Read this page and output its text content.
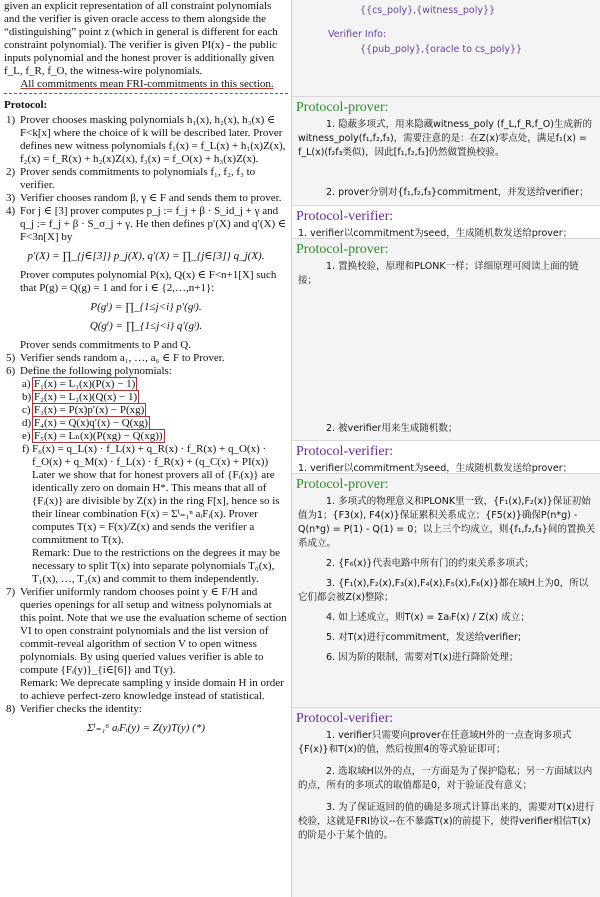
given an explicit representation of all constraint polynomials
and the verifier is given oracle access to them alongside the
“distinguishing” point z (which in general is different for each
constraint polynomial). The verifier is given PI(x) - the public
inputs polynomial and the honest prover is additionally given
f_L, f_R, f_O, the witness-wire polynomials.
All commitments mean FRI-commitments in this section.
Protocol:
1) Prover chooses masking polynomials h₁(x), h₂(x), h₃(x) ∈ F<k[x] where the choice of k will be described later. Prover defines new witness polynomials f₁(x) = f_L(x) + h₁(x)Z(x), f₂(x) = f_R(x) + h₂(x)Z(x), f₃(x) = f_O(x) + h₃(x)Z(x).
2) Prover sends commitments to polynomials f₁, f₂, f₃ to verifier.
3) Verifier chooses random β, γ ∈ F and sends them to prover.
4) For j ∈ [3] prover computes p_j := f_j + β · S_id_j + γ and q_j := f_j + β · S_σ_j + γ. He then defines p′(X) and q′(X) ∈ F<3n[X] by
p′(X) = ∏_{j∈[3]} p_j(X), q′(X) = ∏_{j∈[3]} q_j(X).
Prover computes polynomial P(x), Q(x) ∈ F<n+1[X] such that P(g) = Q(g) = 1 and for i ∈ {2,…,n+1}:
P(gⁱ) = ∏_{1≤j<i} p′(gʲ).
Q(gⁱ) = ∏_{1≤j<i} q′(gʲ).
Prover sends commitments to P and Q.
5) Verifier sends random a₁, …, a₆ ∈ F to Prover.
6) Define the following polynomials:
a) F₁(x) = L₁(x)(P(x) − 1)
b) F₂(x) = L₁(x)(Q(x) − 1)
c) F₃(x) = P(x)p′(x) − P(xg)
d) F₄(x) = Q(x)q′(x) − Q(xg)
e) F₅(x) = Lₙ(x)(P(xg) − Q(xg))
f) F₆(x) = q_L(x) · f_L(x) + q_R(x) · f_R(x) + q_O(x) · f_O(x) + q_M(x) · f_L(x) · f_R(x) + (q_C(x) + PI(x))
Later we show that for honest provers all of {Fᵢ(x)} are identically zero on domain H*. This means that all of {Fᵢ(x)} are divisible by Z(x) in the ring F[x], hence so is their linear combination F(x) = Σⁱ₌₁ⁿ aᵢFᵢ(x). Prover computes T(x) = F(x)/Z(x) and sends the verifier a commitment to T(x).
Remark: Due to the restrictions on the degrees it may be necessary to split T(x) into separate polynomials T₀(x), T₁(x), …, T₃(x) and commit to them independently.
7) Verifier uniformly random chooses point y ∈ F/H and queries openings for all setup and witness polynomials at this point. Note that we use the evaluation scheme of section VI to open constraint polynomials and the list version of commit-reveal algorithm of section V to open witness polynomials. By using queried values verifier is able to compute {Fᵢ(y)}_{i∈[6]} and T(y).
Remark: We deprecate sampling y inside domain H in order to achieve perfect-zero knowledge instead of statistical.
8) Verifier checks the identity:
Σⁱ₌₁⁶ aᵢFᵢ(y) = Z(y)T(y) (*)
{{cs_poly},{witness_poly}}
Verifier Info:
{{pub_poly},{oracle to cs_poly}}
Protocol-prover:
1. 隐蔽多项式，用来隐藏witness_poly (f_L,f_R,f_O)生成新的witness_poly(f₁,f₂,f₃)，需要注意的是：在Z(x)零点处，满足f₁(x) = f_L(x)(f₂f₃类似)，因此[f₁,f₂,f₃]仍然做置换校验。
2. prover分别对{f₁,f₂,f₃}commitment，并发送给verifier；
Protocol-verifier:
1. verifier以commitment为seed，生成随机数发送给prover；
Protocol-prover:
1. 置换校验，原理和PLONK一样；详细原理可阅读上面的链接；
2. 被verifier用来生成随机数；
Protocol-verifier:
1. verifier以commitment为seed，生成随机数发送给prover；
Protocol-prover:
1. 多项式的物理意义和PLONK里一致，{F₁(x),F₂(x)}保证初始值为1；{F3(x), F4(x)}保证累积关系成立；{F5(x)}确保P(n*g) - Q(n*g) = P(1) - Q(1) = 0；以上三个均成立，则{f₁,f₂,f₃}间的置换关系成立。
2. {F₆(x)}代表电路中所有门的约束关系多项式；
3. {F₁(x),F₂(x),F₃(x),F₄(x),F₅(x),F₆(x)}都在域H上为0，所以它们都会被Z(x)整除；
4. 如上述成立，则T(x) = ΣaᵢF(x) / Z(x) 成立；
5. 对T(x)进行commitment，发送给verifier;
6. 因为阶的限制，需要对T(x)进行降阶处理；
Protocol-verifier:
1. verifier只需要向prover在任意域H外的一点查询多项式{F(x)}和T(x)的值，然后按照4的等式验证即可；
2. 选取域H以外的点，一方面是为了保护隐私；另一方面域以内的点，所有的多项式的取值都是0，对于验证没有意义；
3. 为了保证返回的值的确是多项式计算出来的，需要对T(x)进行校验，这就是FRI协议--在不暴露T(x)的前提下，使得verifier相信T(x)的阶是小于某个值的。
